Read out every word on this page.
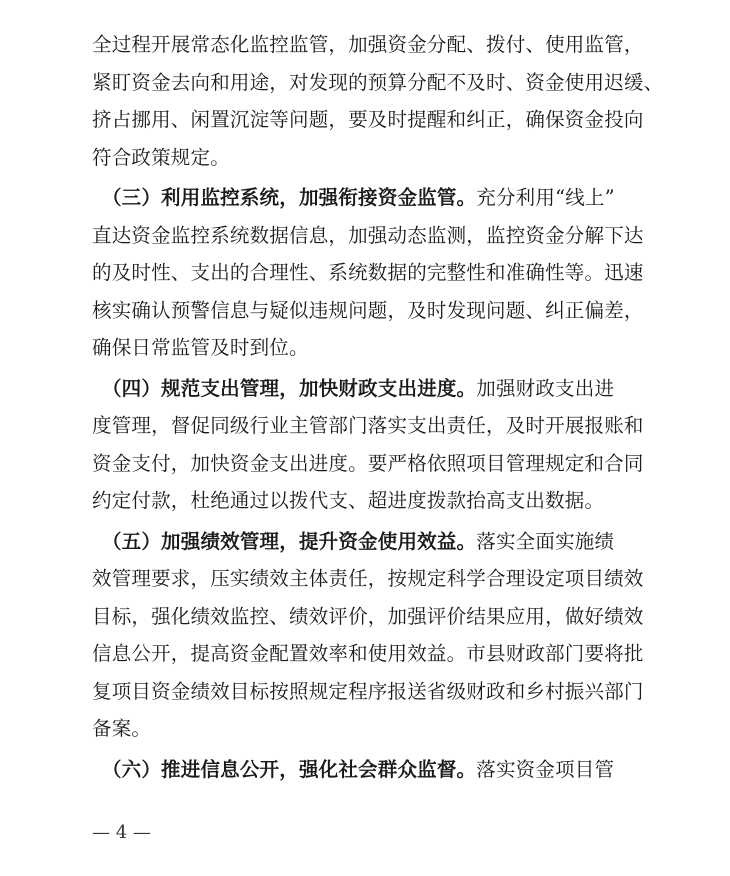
全过程开展常态化监控监管，加强资金分配、拨付、使用监管，
紧盯资金去向和用途，对发现的预算分配不及时、资金使用迟缓、
挤占挪用、闲置沉淀等问题，要及时提醒和纠正，确保资金投向
符合政策规定。
　（三）利用监控系统，加强衔接资金监管。充分利用“线上”
直达资金监控系统数据信息，加强动态监测，监控资金分解下达
的及时性、支出的合理性、系统数据的完整性和准确性等。迅速
核实确认预警信息与疑似违规问题，及时发现问题、纠正偏差，
确保日常监管及时到位。
　（四）规范支出管理，加快财政支出进度。加强财政支出进
度管理，督促同级行业主管部门落实支出责任，及时开展报账和
资金支付，加快资金支出进度。要严格依照项目管理规定和合同
约定付款，杜绝通过以拨代支、超进度拨款抬高支出数据。
　（五）加强绩效管理，提升资金使用效益。落实全面实施绩
效管理要求，压实绩效主体责任，按规定科学合理设定项目绩效
目标，强化绩效监控、绩效评价，加强评价结果应用，做好绩效
信息公开，提高资金配置效率和使用效益。市县财政部门要将批
复项目资金绩效目标按照规定程序报送省级财政和乡村振兴部门
备案。
　（六）推进信息公开，强化社会群众监督。落实资金项目管
— 4 —
